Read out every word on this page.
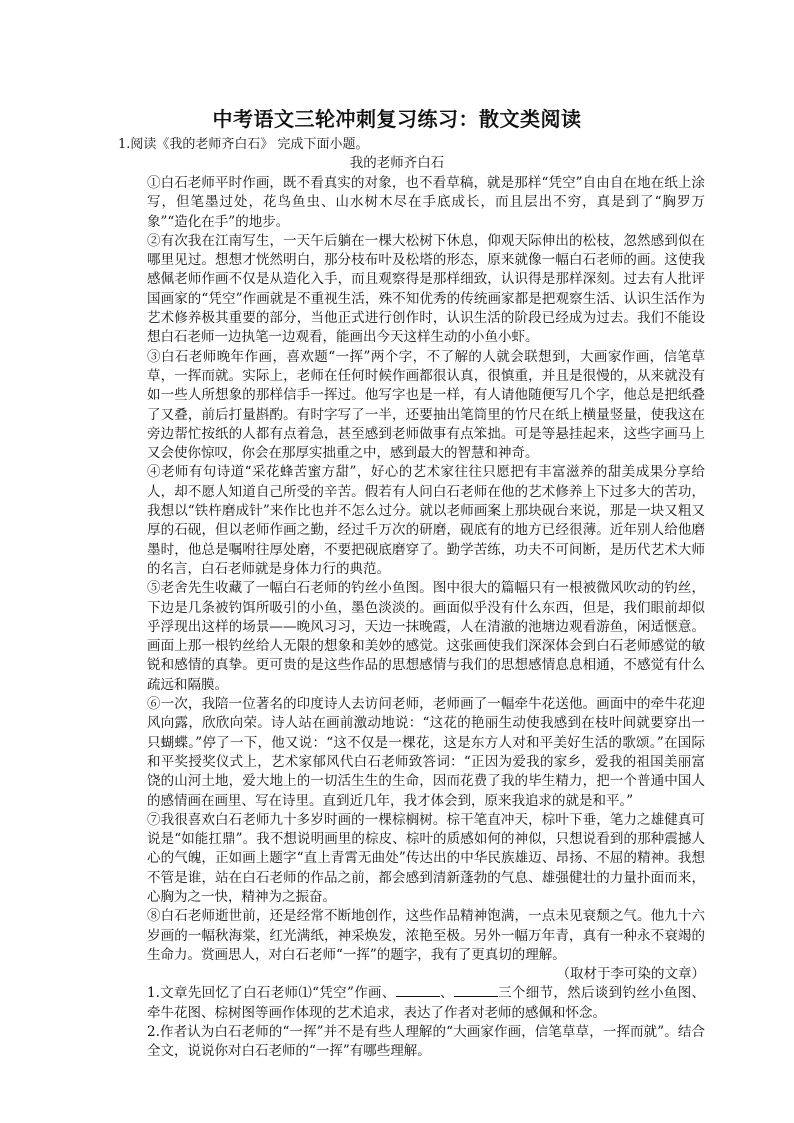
中考语文三轮冲刺复习练习：散文类阅读
1.阅读《我的老师齐白石》 完成下面小题。
我的老师齐白石

①白石老师平时作画，既不看真实的对象，也不看草稿，就是那样“凭空”自由自在地在纸上涂写，但笔墨过处，花鸟鱼虫、山水树木尽在手底成长，而且层出不穷，真是到了“胸罗万象”“造化在手”的地步。

②有次我在江南写生，一天午后躺在一棵大松树下休息，仰观天际伸出的松枝，忽然感到似在哪里见过。想想才恍然明白，那分枝布叶及松塔的形态，原来就像一幅白石老师的画。这使我感佩老师作画不仅是从造化入手，而且观察得是那样细致，认识得是那样深刻。过去有人批评国画家的“凭空”作画就是不重视生活，殊不知优秀的传统画家都是把观察生活、认识生活作为艺术修养极其重要的部分，当他正式进行创作时，认识生活的阶段已经成为过去。我们不能设想白石老师一边执笔一边观看，能画出今天这样生动的小鱼小虾。

③白石老师晚年作画，喜欢题“一挥”两个字，不了解的人就会联想到，大画家作画，信笔草草，一挥而就。实际上，老师在任何时候作画都很认真，很慎重，并且是很慢的，从来就没有如一些人所想象的那样信手一挥过。他写字也是一样，有人请他随便写几个字，他总是把纸叠了又叠，前后打量斟酌。有时字写了一半，还要抽出笔筒里的竹尺在纸上横量竖量，使我这在旁边帮忙按纸的人都有点着急，甚至感到老师做事有点笨拙。可是等悬挂起来，这些字画马上又会使你惊叹，你会在那厚实拙重之中，感到最大的智慧和神奇。

④老师有句诗道“采花蜂苦蜜方甜”，好心的艺术家往往只愿把有丰富滋养的甜美成果分享给人，却不愿人知道自己所受的辛苦。假若有人问白石老师在他的艺术修养上下过多大的苦功，我想以“铁杵磨成针”来作比也并不怎么过分。就以老师画案上那块砚台来说，那是一块又粗又厚的石砚，但以老师作画之勤，经过千万次的研磨，砚底有的地方已经很薄。近年别人给他磨墨时，他总是嘱咐往厚处磨，不要把砚底磨穿了。勤学苦练，功夫不可间断，是历代艺术大师的名言，白石老师就是身体力行的典范。

⑤老舍先生收藏了一幅白石老师的钓丝小鱼图。图中很大的篇幅只有一根被微风吹动的钓丝，下边是几条被钓饵所吸引的小鱼，墨色淡淡的。画面似乎没有什么东西，但是，我们眼前却似乎浮现出这样的场景——晚风习习，天边一抹晚霞，人在清澈的池塘边观看游鱼，闲适惬意。画面上那一根钓丝给人无限的想象和美妙的感觉。这张画使我们深深体会到白石老师感觉的敏锐和感情的真挚。更可贵的是这些作品的思想感情与我们的思想感情息息相通，不感觉有什么疏远和隔膜。

⑥一次，我陪一位著名的印度诗人去访问老师，老师画了一幅牵牛花送他。画面中的牵牛花迎风向露，欣欣向荣。诗人站在画前激动地说：“这花的艳丽生动使我感到在枝叶间就要穿出一只蝴蝶。”停了一下，他又说：“这不仅是一棵花，这是东方人对和平美好生活的歌颂。”在国际和平奖授奖仪式上，艺术家郁风代白石老师致答词：“正因为爱我的家乡，爱我的祖国美丽富饶的山河土地，爱大地上的一切活生生的生命，因而花费了我的毕生精力，把一个普通中国人的感情画在画里、写在诗里。直到近几年，我才体会到，原来我追求的就是和平。”

⑦我很喜欢白石老师九十多岁时画的一棵棕榈树。棕干笔直冲天，棕叶下垂，笔力之雄健真可说是“如能扛鼎”。我不想说明画里的棕皮、棕叶的质感如何的神似，只想说看到的那种震撼人心的气魄，正如画上题字“直上青霄无曲处”传达出的中华民族雄迈、昂扬、不屈的精神。我想不管是谁，站在白石老师的作品之前，都会感到清新蓬勃的气息、雄强健壮的力量扑面而来，心胸为之一快，精神为之振奋。

⑧白石老师逝世前，还是经常不断地创作，这些作品精神饱满，一点未见衰颓之气。他九十六岁画的一幅秋海棠，红光满纸，神采焕发，浓艳至极。另外一幅万年青，真有一种永不衰竭的生命力。赏画思人，对白石老师“一挥”的题字，我有了更真切的理解。

（取材于李可染的文章）

1.文章先回忆了白石老师⑴“凭空”作画、	、	三个细节，然后谈到钓丝小鱼图、牵牛花图、棕树图等画作体现的艺术追求，表达了作者对老师的感佩和怀念。

2.作者认为白石老师的“一挥”并不是有些人理解的“大画家作画，信笔草草，一挥而就”。结合全文，说说你对白石老师的“一挥”有哪些理解。
